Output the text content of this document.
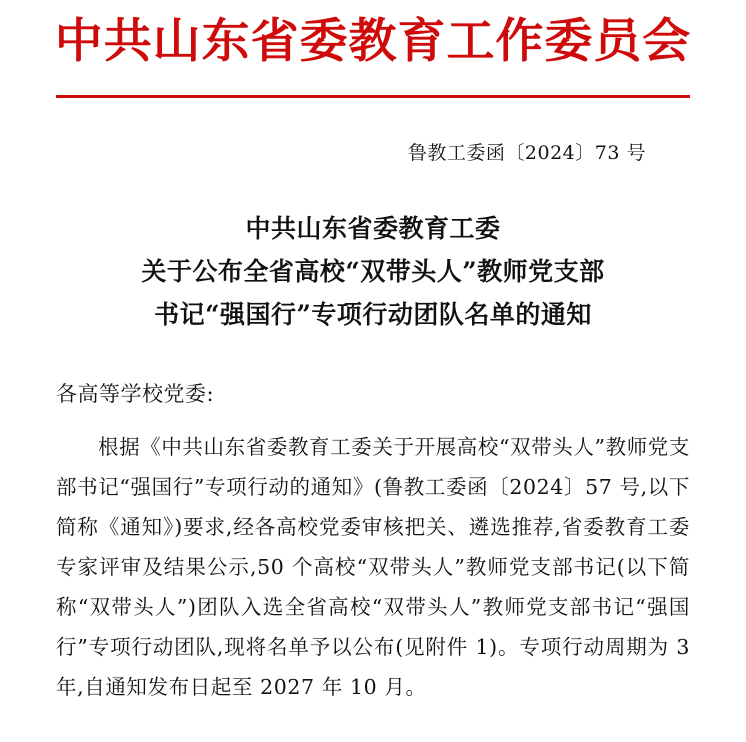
中共山东省委教育工作委员会
鲁教工委函〔2024〕73 号
中共山东省委教育工委
关于公布全省高校“双带头人”教师党支部
书记“强国行”专项行动团队名单的通知
各高等学校党委:

根据《中共山东省委教育工委关于开展高校“双带头人”教师党支部书记“强国行”专项行动的通知》(鲁教工委函〔2024〕57 号,以下简称《通知》)要求,经各高校党委审核把关、遴选推荐,省委教育工委专家评审及结果公示,50 个高校“双带头人”教师党支部书记(以下简称“双带头人”)团队入选全省高校“双带头人”教师党支部书记“强国行”专项行动团队,现将名单予以公布(见附件 1)。专项行动周期为 3 年,自通知发布日起至 2027 年 10 月。
